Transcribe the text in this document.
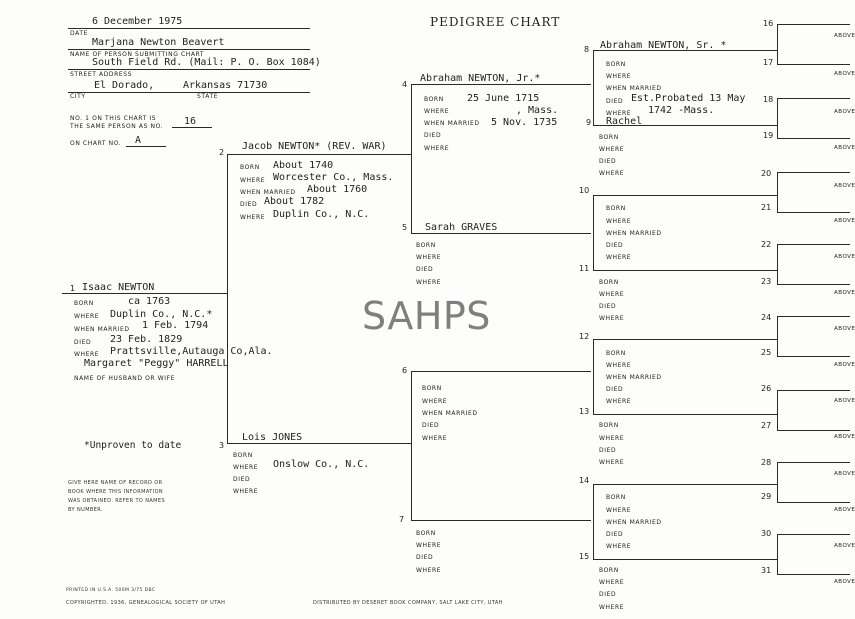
PEDIGREE CHART
SAHPS
6 December 1975
DATE
Marjana Newton Beavert
NAME OF PERSON SUBMITTING CHART
South Field Rd. (Mail: P. O. Box 1084)
STREET ADDRESS
El Dorado,	Arkansas 71730
CITY	STATE
NO. 1 ON THIS CHART IS
THE SAME PERSON AS NO. 16
ON CHART NO. A
1 Isaac NEWTON
BORN	ca 1763
WHERE Duplin Co., N.C.*
WHEN MARRIED 1 Feb. 1794
DIED 23 Feb. 1829
WHERE Prattsville,Autauga Co,Ala.
Margaret "Peggy" HARRELL
NAME OF HUSBAND OR WIFE
*Unproven to date
GIVE HERE NAME OF RECORD OR
BOOK WHERE THIS INFORMATION
WAS OBTAINED. REFER TO NAMES
BY NUMBER.
2
Jacob NEWTON* (REV. WAR)
BORN About 1740
WHERE Worcester Co., Mass.
WHEN MARRIED About 1760
DIED About 1782
WHERE Duplin Co., N.C.
3
Lois JONES
BORN
WHERE Onslow Co., N.C.
DIED
WHERE
4
Abraham NEWTON, Jr.*
BORN 25 June 1715
WHERE	, Mass.
WHEN MARRIED 5 Nov. 1735
DIED
WHERE
5 Sarah GRAVES
BORN
WHERE
DIED
WHERE
6
BORN
WHERE
WHEN MARRIED
DIED
WHERE
7
BORN
WHERE
DIED
WHERE
8 Abraham NEWTON, Sr. *
BORN
WHERE
WHEN MARRIED
DIED Est.Probated 13 May
WHERE 1742 -Mass.
9 Rachel
BORN
WHERE
DIED
WHERE
10
BORN
WHERE
WHEN MARRIED
DIED
WHERE
11
BORN
WHERE
DIED
WHERE
12
BORN
WHERE
WHEN MARRIED
DIED
WHERE
13
BORN
WHERE
DIED
WHERE
14
BORN
WHERE
WHEN MARRIED
DIED
WHERE
15
BORN
WHERE
DIED
WHERE
16
ABOVE
17
ABOVE
18
ABOVE
19
ABOVE
20
ABOVE
21
ABOVE
22
ABOVE
23
ABOVE
24
ABOVE
25
ABOVE
26
ABOVE
27
ABOVE
28
ABOVE
29
ABOVE
30
ABOVE
31
ABOVE
PRINTED IN U.S.A. 500M 3/75 DBC
COPYRIGHTED, 1936, GENEALOGICAL SOCIETY OF UTAH	DISTRIBUTED BY DESERET BOOK COMPANY, SALT LAKE CITY, UTAH
